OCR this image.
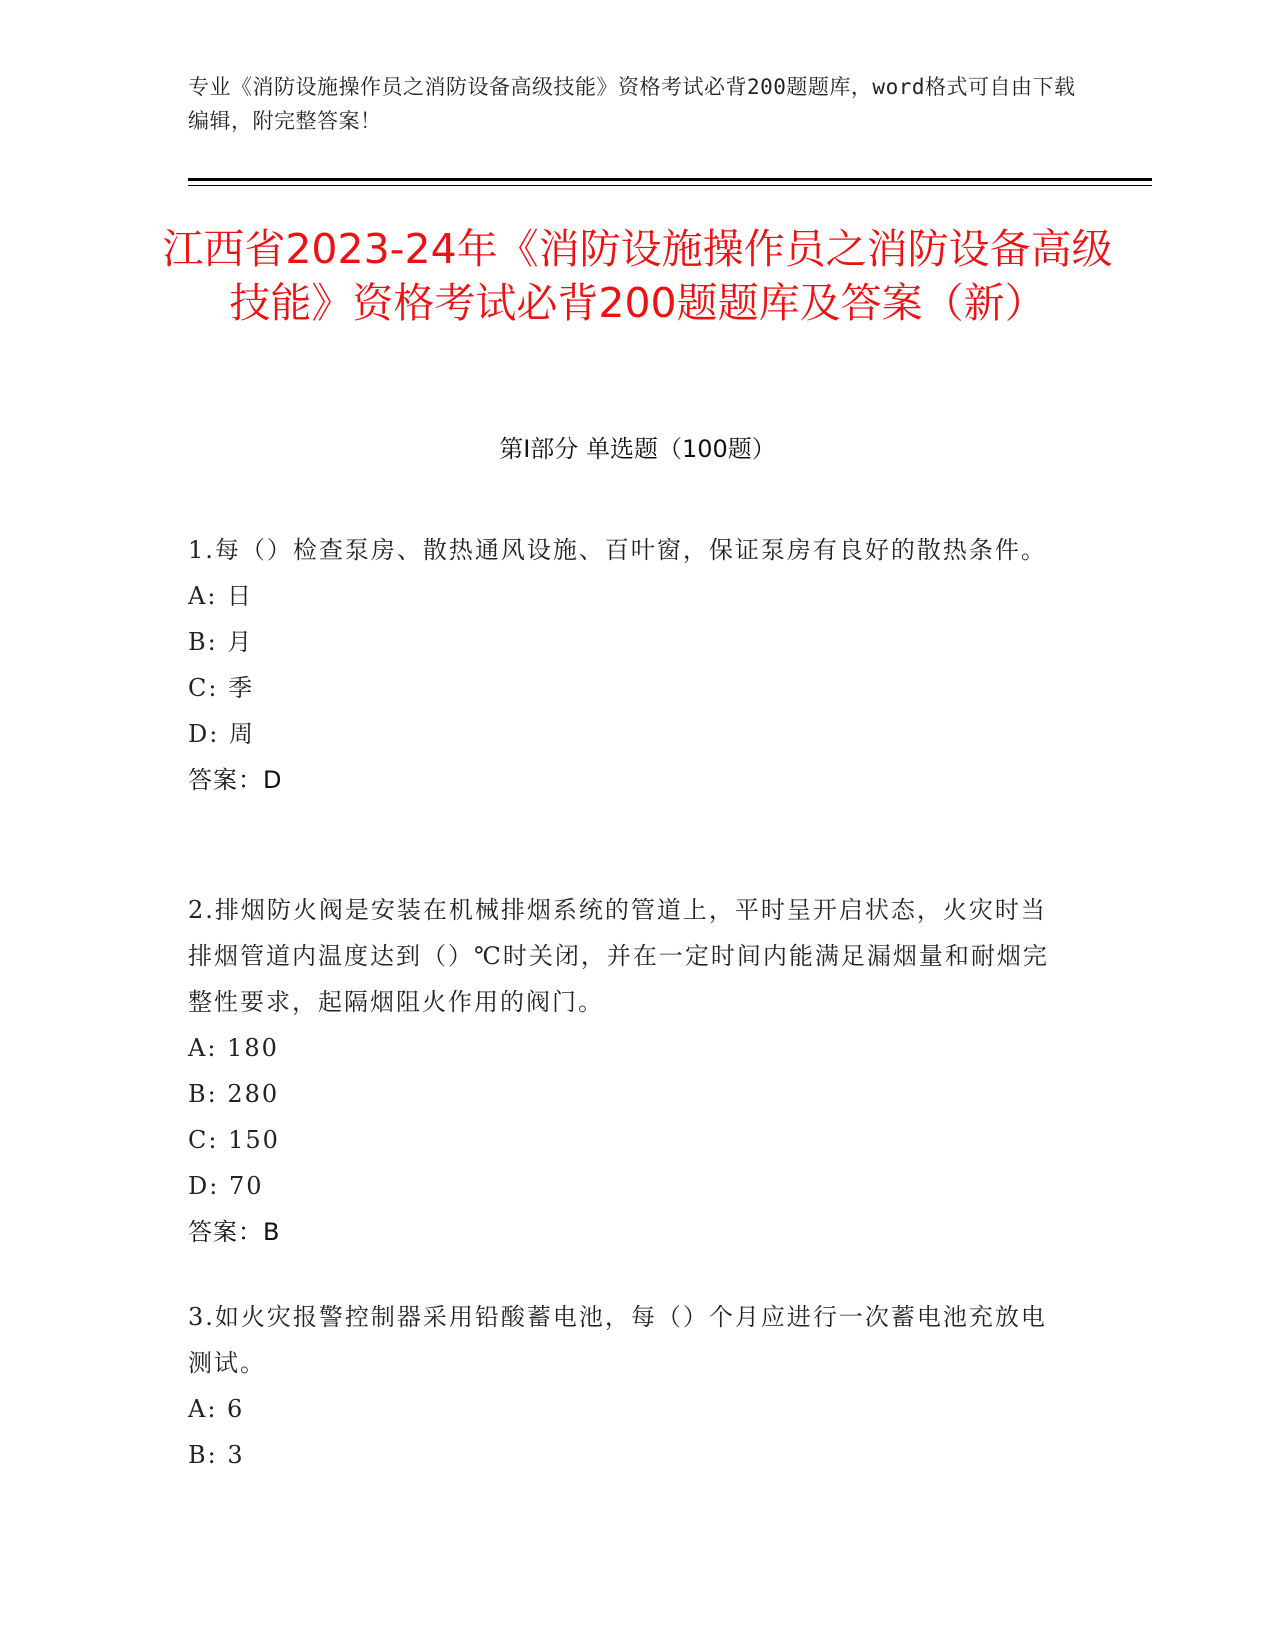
专业《消防设施操作员之消防设备高级技能》资格考试必背200题题库，word格式可自由下载编辑，附完整答案！
江西省2023-24年《消防设施操作员之消防设备高级技能》资格考试必背200题题库及答案（新）
第I部分 单选题（100题）
1.每（）检查泵房、散热通风设施、百叶窗，保证泵房有良好的散热条件。
A: 日
B: 月
C: 季
D: 周
答案：D
2.排烟防火阀是安装在机械排烟系统的管道上，平时呈开启状态，火灾时当排烟管道内温度达到（）℃时关闭，并在一定时间内能满足漏烟量和耐烟完整性要求，起隔烟阻火作用的阀门。
A: 180
B: 280
C: 150
D: 70
答案：B
3.如火灾报警控制器采用铅酸蓄电池，每（）个月应进行一次蓄电池充放电测试。
A: 6
B: 3
